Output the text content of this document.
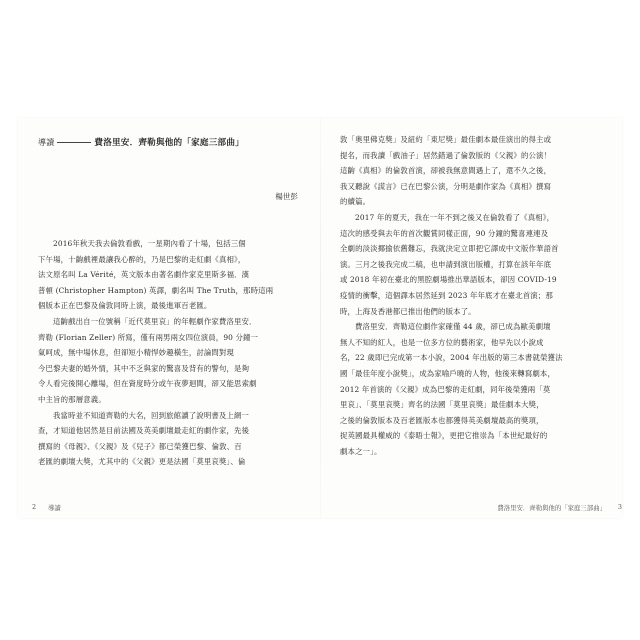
導讀	費洛里安．齊勒與他的「家庭三部曲」
楊世彭
2016年秋天我去倫敦看戲，一星期內看了十場，包括三個
下午場，十齣戲裡最讓我心醉的，乃是巴黎的走紅劇《真相》，
法文原名叫 La Vérité，英文版本由著名劇作家克里斯多福．漢
普頓 (Christopher Hampton) 英譯，劇名叫 The Truth，那時這兩
個版本正在巴黎及倫敦同時上演，最後進軍百老匯。
這齣戲出自一位號稱「近代莫里哀」的年輕劇作家費洛里安．
齊勒 (Florian Zeller) 所寫，僅有兩男兩女四位演員，90 分鐘一
氣呵成，無中場休息，但卻短小精悍妙趣橫生，討論問對現
今巴黎夫妻的婚外情，其中不乏與家的驚喜及背有的警句，是夠
令人看完後開心離場，但在資度時分或午夜夢迴間，卻又能思索劇
中主旨的那層意義。
我當時並不知道齊勒的大名，回到旅館讀了說明書及上網一
查，才知道他居然是目前法國及英美劇壇最走紅的劇作家，先後
撰寫的《母親》、《父親》及《兒子》都已榮獲巴黎、倫敦、百
老匯的劇壇大獎，尤其中的《父親》更是法國「莫里哀獎」、倫
2 導讀
敦「奧里佛克獎」及紐約「東尼獎」最佳劇本最佳演出的得主或
提名，而我讀「戲油子」居然錯過了倫敦版的《父親》的公演！
這齣《真相》的倫敦首演，卻被我無意間遇上了，還不久之後，
我又聽說《謊言》已在巴黎公演，分明是劇作家為《真相》撰寫
的續篇。
2017 年的夏天，我在一年不到之後又在倫敦看了《真相》，
這次的感受與去年的首次觀賞同樣正面，90 分鐘的驚喜連連及
全劇的淡淡揶揄依舊難忘，我就決定立即把它譯成中文版作華語首
演。三月之後我完成二稿，也申請到演出版權，打算在該年年底
或 2018 年初在臺北的黑腔劇場推出華語版本，卻因 COVID-19
疫情的衝擊，這個譯本居然延到 2023 年年底才在臺北首演；那
時，上海及香港都已推出他們的版本了。
費洛里安．齊勒這位劇作家確僅 44 歲，卻已成為歐美劇壇
無人不知的紅人，也是一位多方位的藝術家，他早先以小說成
名，22 歲即已完成第一本小說，2004 年出版的第三本書就榮獲法
國「最佳年度小說獎」，成為家喻戶曉的人物，他後來轉寫劇本，
2012 年首演的《父親》成為巴黎的走紅劇，同年後榮獲兩「莫
里哀」、「莫里哀獎」齊名的法國「莫里哀獎」最佳劇本大獎，
之後的倫敦版本及百老匯版本也都獲得英美劇壇最高的獎項，
捉英國最具權威的《泰晤士報》，更把它推崇為「本世紀最好的
劇本之一」。
費洛里安．齊勒與他的「家庭三部曲」 3
